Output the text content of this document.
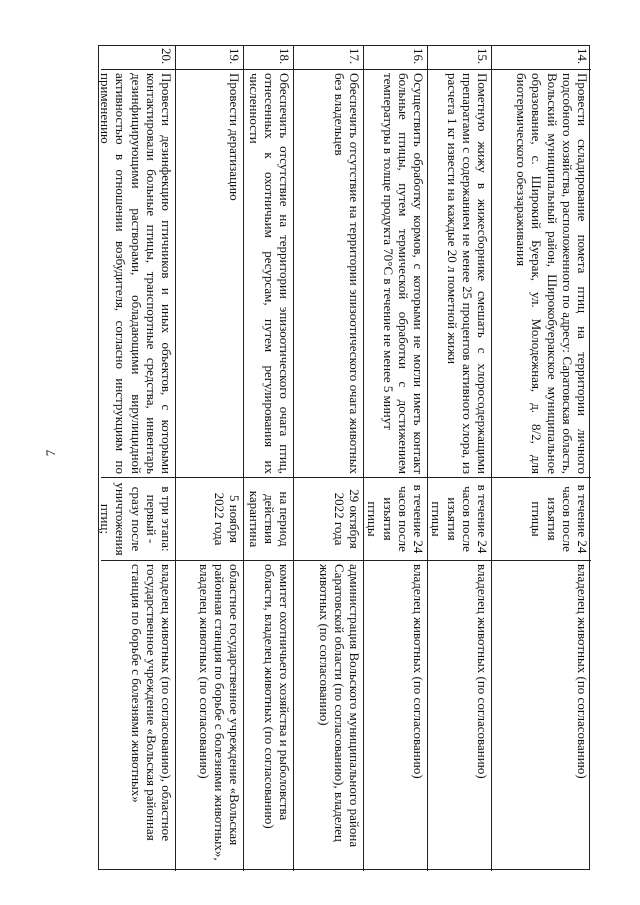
7
14.
Провести складирование помета птиц на территории личного подсобного хозяйства, расположенного по адресу: Саратовская область, Вольский муниципальный район, Широкобуеракское муниципальное образование, с. Широкий Буерак, ул. Молодежная, д. 8/2, для биотермического обеззараживания
в течение 24 часов после изъятия птицы
владелец животных (по согласованию)
15.
Пометную жижу в жижесборнике смешать с хлоросодержащими препаратами с содержанием не менее 25 процентов активного хлора, из расчета 1 кг извести на каждые 20 л пометной жижи
в течение 24 часов после изъятия птицы
владелец животных (по согласованию)
16.
Осуществить обработку кормов, с которыми не могли иметь контакт больные птицы, путем термической обработки с достижением температуры в толще продукта 70°С в течение не менее 5 минут
в течение 24 часов после изъятия птицы
владелец животных (по согласованию)
17.
Обеспечить отсутствие на территории эпизоотического очага животных без владельцев
29 октября 2022 года
администрация Вольского муниципального района Саратовской области (по согласованию), владелец животных (по согласованию)
18.
Обеспечить отсутствие на территории эпизоотического очага птиц, отнесенных к охотничьим ресурсам, путем регулирования их численности
на период действия карантина
комитет охотничьего хозяйства и рыболовства области, владелец животных (по согласованию)
19.
Провести дератизацию
5 ноября 2022 года
областное государственное учреждение «Вольская районная станция по борьбе с болезнями животных», владелец животных (по согласованию)
20.
Провести дезинфекцию птичников и иных объектов, с которыми контактировали больные птицы, транспортные средства, инвентарь дезинфицирующими растворами, обладающими вирулицидной активностью в отношении возбудителя, согласно инструкциям по применению
в три этапа: первый - сразу после уничтожения птиц;
владелец животных (по согласованию), областное государственное учреждение «Вольская районная станция по борьбе с болезнями животных»
